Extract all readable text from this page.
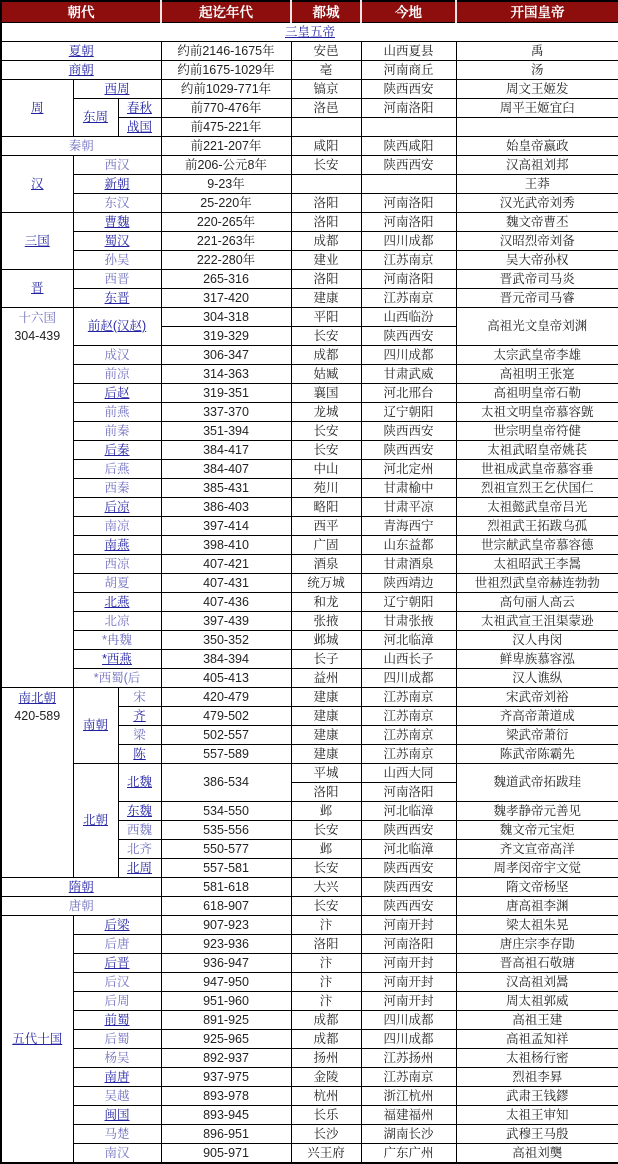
朝代			起讫年代	都城	今地	开国皇帝
三皇五帝						
夏朝			约前2146-1675年	安邑	山西夏县	禹
商朝			约前1675-1029年	亳	河南商丘	汤
周	西周		约前1029-771年	镐京	陕西西安	周文王姬发
	东周	春秋	前770-476年	洛邑	河南洛阳	周平王姬宜臼
		战国	前475-221年			
秦朝			前221-207年	咸阳	陕西咸阳	始皇帝嬴政
汉	西汉		前206-公元8年	长安	陕西西安	汉高祖刘邦
	新朝		9-23年			王莽
	东汉		25-220年	洛阳	河南洛阳	汉光武帝刘秀
三国	曹魏		220-265年	洛阳	河南洛阳	魏文帝曹丕
	蜀汉		221-263年	成都	四川成都	汉昭烈帝刘备
	孙吴		222-280年	建业	江苏南京	吴大帝孙权
晋	西晋		265-316	洛阳	河南洛阳	晋武帝司马炎
	东晋		317-420	建康	江苏南京	晋元帝司马睿

十六国
304-439	前赵(汉赵)		304-318	平阳	山西临汾	高祖光文皇帝刘渊
			319-329	长安	陕西西安	
	成汉		306-347	成都	四川成都	太宗武皇帝李雄
	前凉		314-363	姑臧	甘肃武威	高祖明王张寔
	后赵		319-351	襄国	河北邢台	高祖明皇帝石勒
	前燕		337-370	龙城	辽宁朝阳	太祖文明皇帝慕容皝
	前秦		351-394	长安	陕西西安	世宗明皇帝符健
	后秦		384-417	长安	陕西西安	太祖武昭皇帝姚苌
	后燕		384-407	中山	河北定州	世祖成武皇帝慕容垂
	西秦		385-431	苑川	甘肃榆中	烈祖宣烈王乞伏国仁
	后凉		386-403	略阳	甘肃平凉	太祖懿武皇帝吕光
	南凉		397-414	西平	青海西宁	烈祖武王拓跋乌孤
	南燕		398-410	广固	山东益都	世宗献武皇帝慕容德
	西凉		407-421	酒泉	甘肃酒泉	太祖昭武王李暠
	胡夏		407-431	统万城	陕西靖边	世祖烈武皇帝赫连勃勃
	北燕		407-436	和龙	辽宁朝阳	高句丽人高云
	北凉		397-439	张掖	甘肃张掖	太祖武宣王沮渠蒙逊
	*冉魏		350-352	邺城	河北临漳	汉人冉闵
	*西燕		384-394	长子	山西长子	鲜卑族慕容泓
	*西蜀(后		405-413	益州	四川成都	汉人谯纵

南北朝
420-589	南朝	宋	420-479	建康	江苏南京	宋武帝刘裕
		齐	479-502	建康	江苏南京	齐高帝萧道成
		梁	502-557	建康	江苏南京	梁武帝萧衍
		陈	557-589	建康	江苏南京	陈武帝陈霸先
	北朝	北魏	386-534	平城	山西大同	魏道武帝拓跋珪
				洛阳	河南洛阳	
		东魏	534-550	邺	河北临漳	魏孝静帝元善见
		西魏	535-556	长安	陕西西安	魏文帝元宝炬
		北齐	550-577	邺	河北临漳	齐文宣帝高洋
		北周	557-581	长安	陕西西安	周孝闵帝宇文觉
隋朝			581-618	大兴	陕西西安	隋文帝杨坚
唐朝			618-907	长安	陕西西安	唐高祖李渊
五代十国	后梁		907-923	汴	河南开封	梁太祖朱晃
	后唐		923-936	洛阳	河南洛阳	唐庄宗李存勖
	后晋		936-947	汴	河南开封	晋高祖石敬瑭
	后汉		947-950	汴	河南开封	汉高祖刘暠
	后周		951-960	汴	河南开封	周太祖郭威
	前蜀		891-925	成都	四川成都	高祖王建
	后蜀		925-965	成都	四川成都	高祖孟知祥
	杨吴		892-937	扬州	江苏扬州	太祖杨行密
	南唐		937-975	金陵	江苏南京	烈祖李昪
	吴越		893-978	杭州	浙江杭州	武肃王钱鏐
	闽国		893-945	长乐	福建福州	太祖王审知
	马楚		896-951	长沙	湖南长沙	武穆王马殷
	南汉		905-971	兴王府	广东广州	高祖刘龑
